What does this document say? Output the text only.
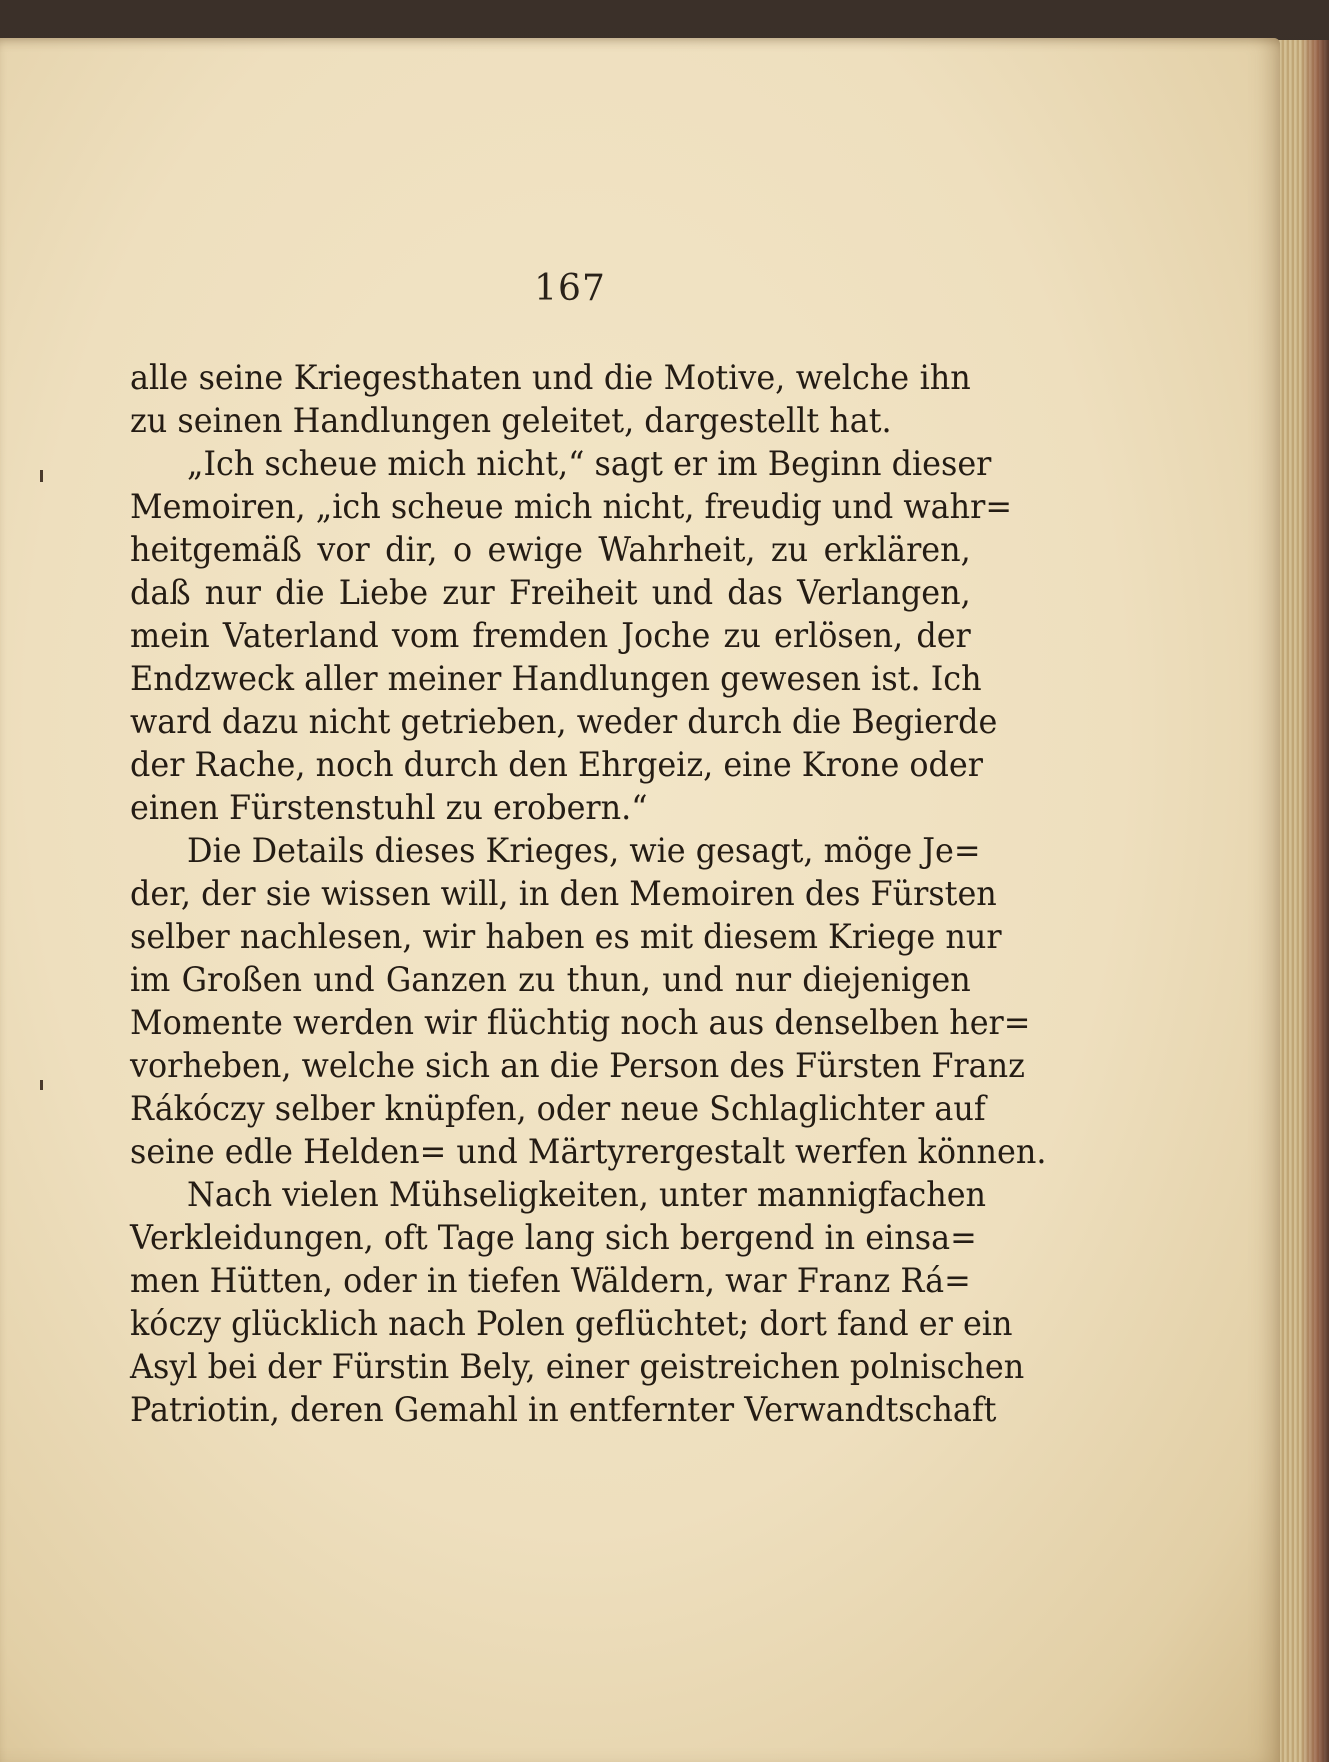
167
alle seine Kriegesthaten und die Motive, welche ihn
zu seinen Handlungen geleitet, dargestellt hat.
„Ich scheue mich nicht,“ sagt er im Beginn dieser
Memoiren, „ich scheue mich nicht, freudig und wahr=
heitgemäß vor dir, o ewige Wahrheit, zu erklären,
daß nur die Liebe zur Freiheit und das Verlangen,
mein Vaterland vom fremden Joche zu erlösen, der
Endzweck aller meiner Handlungen gewesen ist. Ich
ward dazu nicht getrieben, weder durch die Begierde
der Rache, noch durch den Ehrgeiz, eine Krone oder
einen Fürstenstuhl zu erobern.“
Die Details dieses Krieges, wie gesagt, möge Je=
der, der sie wissen will, in den Memoiren des Fürsten
selber nachlesen, wir haben es mit diesem Kriege nur
im Großen und Ganzen zu thun, und nur diejenigen
Momente werden wir flüchtig noch aus denselben her=
vorheben, welche sich an die Person des Fürsten Franz
Rákóczy selber knüpfen, oder neue Schlaglichter auf
seine edle Helden= und Märtyrergestalt werfen können.
Nach vielen Mühseligkeiten, unter mannigfachen
Verkleidungen, oft Tage lang sich bergend in einsa=
men Hütten, oder in tiefen Wäldern, war Franz Rá=
kóczy glücklich nach Polen geflüchtet; dort fand er ein
Asyl bei der Fürstin Bely, einer geistreichen polnischen
Patriotin, deren Gemahl in entfernter Verwandtschaft
